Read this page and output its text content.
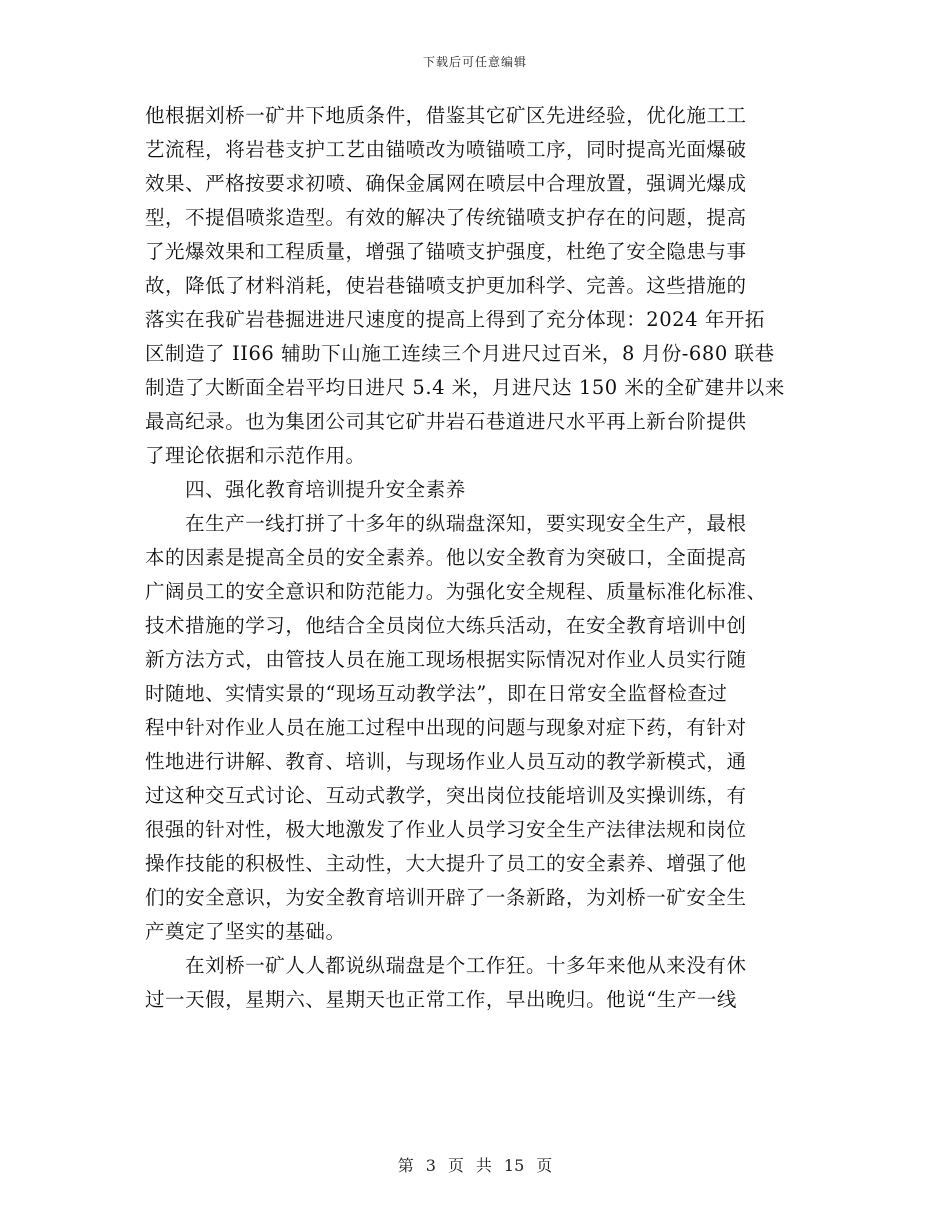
下载后可任意编辑
他根据刘桥一矿井下地质条件，借鉴其它矿区先进经验，优化施工工
艺流程，将岩巷支护工艺由锚喷改为喷锚喷工序，同时提高光面爆破
效果、严格按要求初喷、确保金属网在喷层中合理放置，强调光爆成
型，不提倡喷浆造型。有效的解决了传统锚喷支护存在的问题，提高
了光爆效果和工程质量，增强了锚喷支护强度，杜绝了安全隐患与事
故，降低了材料消耗，使岩巷锚喷支护更加科学、完善。这些措施的
落实在我矿岩巷掘进进尺速度的提高上得到了充分体现：2024 年开拓
区制造了 II66 辅助下山施工连续三个月进尺过百米，8 月份-680 联巷
制造了大断面全岩平均日进尺 5.4 米，月进尺达 150 米的全矿建井以来
最高纪录。也为集团公司其它矿井岩石巷道进尺水平再上新台阶提供
了理论依据和示范作用。
　　四、强化教育培训提升安全素养
　　在生产一线打拼了十多年的纵瑞盘深知，要实现安全生产，最根
本的因素是提高全员的安全素养。他以安全教育为突破口，全面提高
广阔员工的安全意识和防范能力。为强化安全规程、质量标准化标准、
技术措施的学习，他结合全员岗位大练兵活动，在安全教育培训中创
新方法方式，由管技人员在施工现场根据实际情况对作业人员实行随
时随地、实情实景的“现场互动教学法”，即在日常安全监督检查过
程中针对作业人员在施工过程中出现的问题与现象对症下药，有针对
性地进行讲解、教育、培训，与现场作业人员互动的教学新模式，通
过这种交互式讨论、互动式教学，突出岗位技能培训及实操训练，有
很强的针对性，极大地激发了作业人员学习安全生产法律法规和岗位
操作技能的积极性、主动性，大大提升了员工的安全素养、增强了他
们的安全意识，为安全教育培训开辟了一条新路，为刘桥一矿安全生
产奠定了坚实的基础。
　　在刘桥一矿人人都说纵瑞盘是个工作狂。十多年来他从来没有休
过一天假，星期六、星期天也正常工作，早出晚归。他说“生产一线
第 3 页 共 15 页
